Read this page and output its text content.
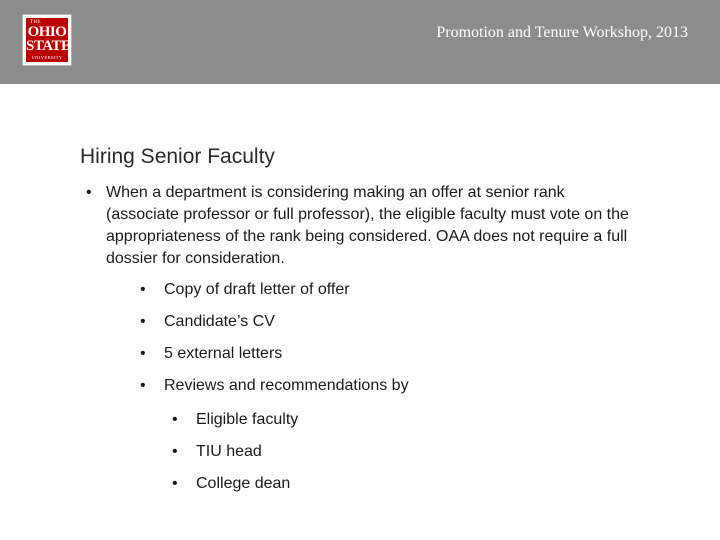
THE
OHIO
STATE
UNIVERSITY
Promotion and Tenure Workshop, 2013
Hiring Senior Faculty
• When a department is considering making an offer at senior rank (associate professor or full professor), the eligible faculty must vote on the appropriateness of the rank being considered. OAA does not require a full dossier for consideration.
• Copy of draft letter of offer
• Candidate’s CV
• 5 external letters
• Reviews and recommendations by
• Eligible faculty
• TIU head
• College dean
